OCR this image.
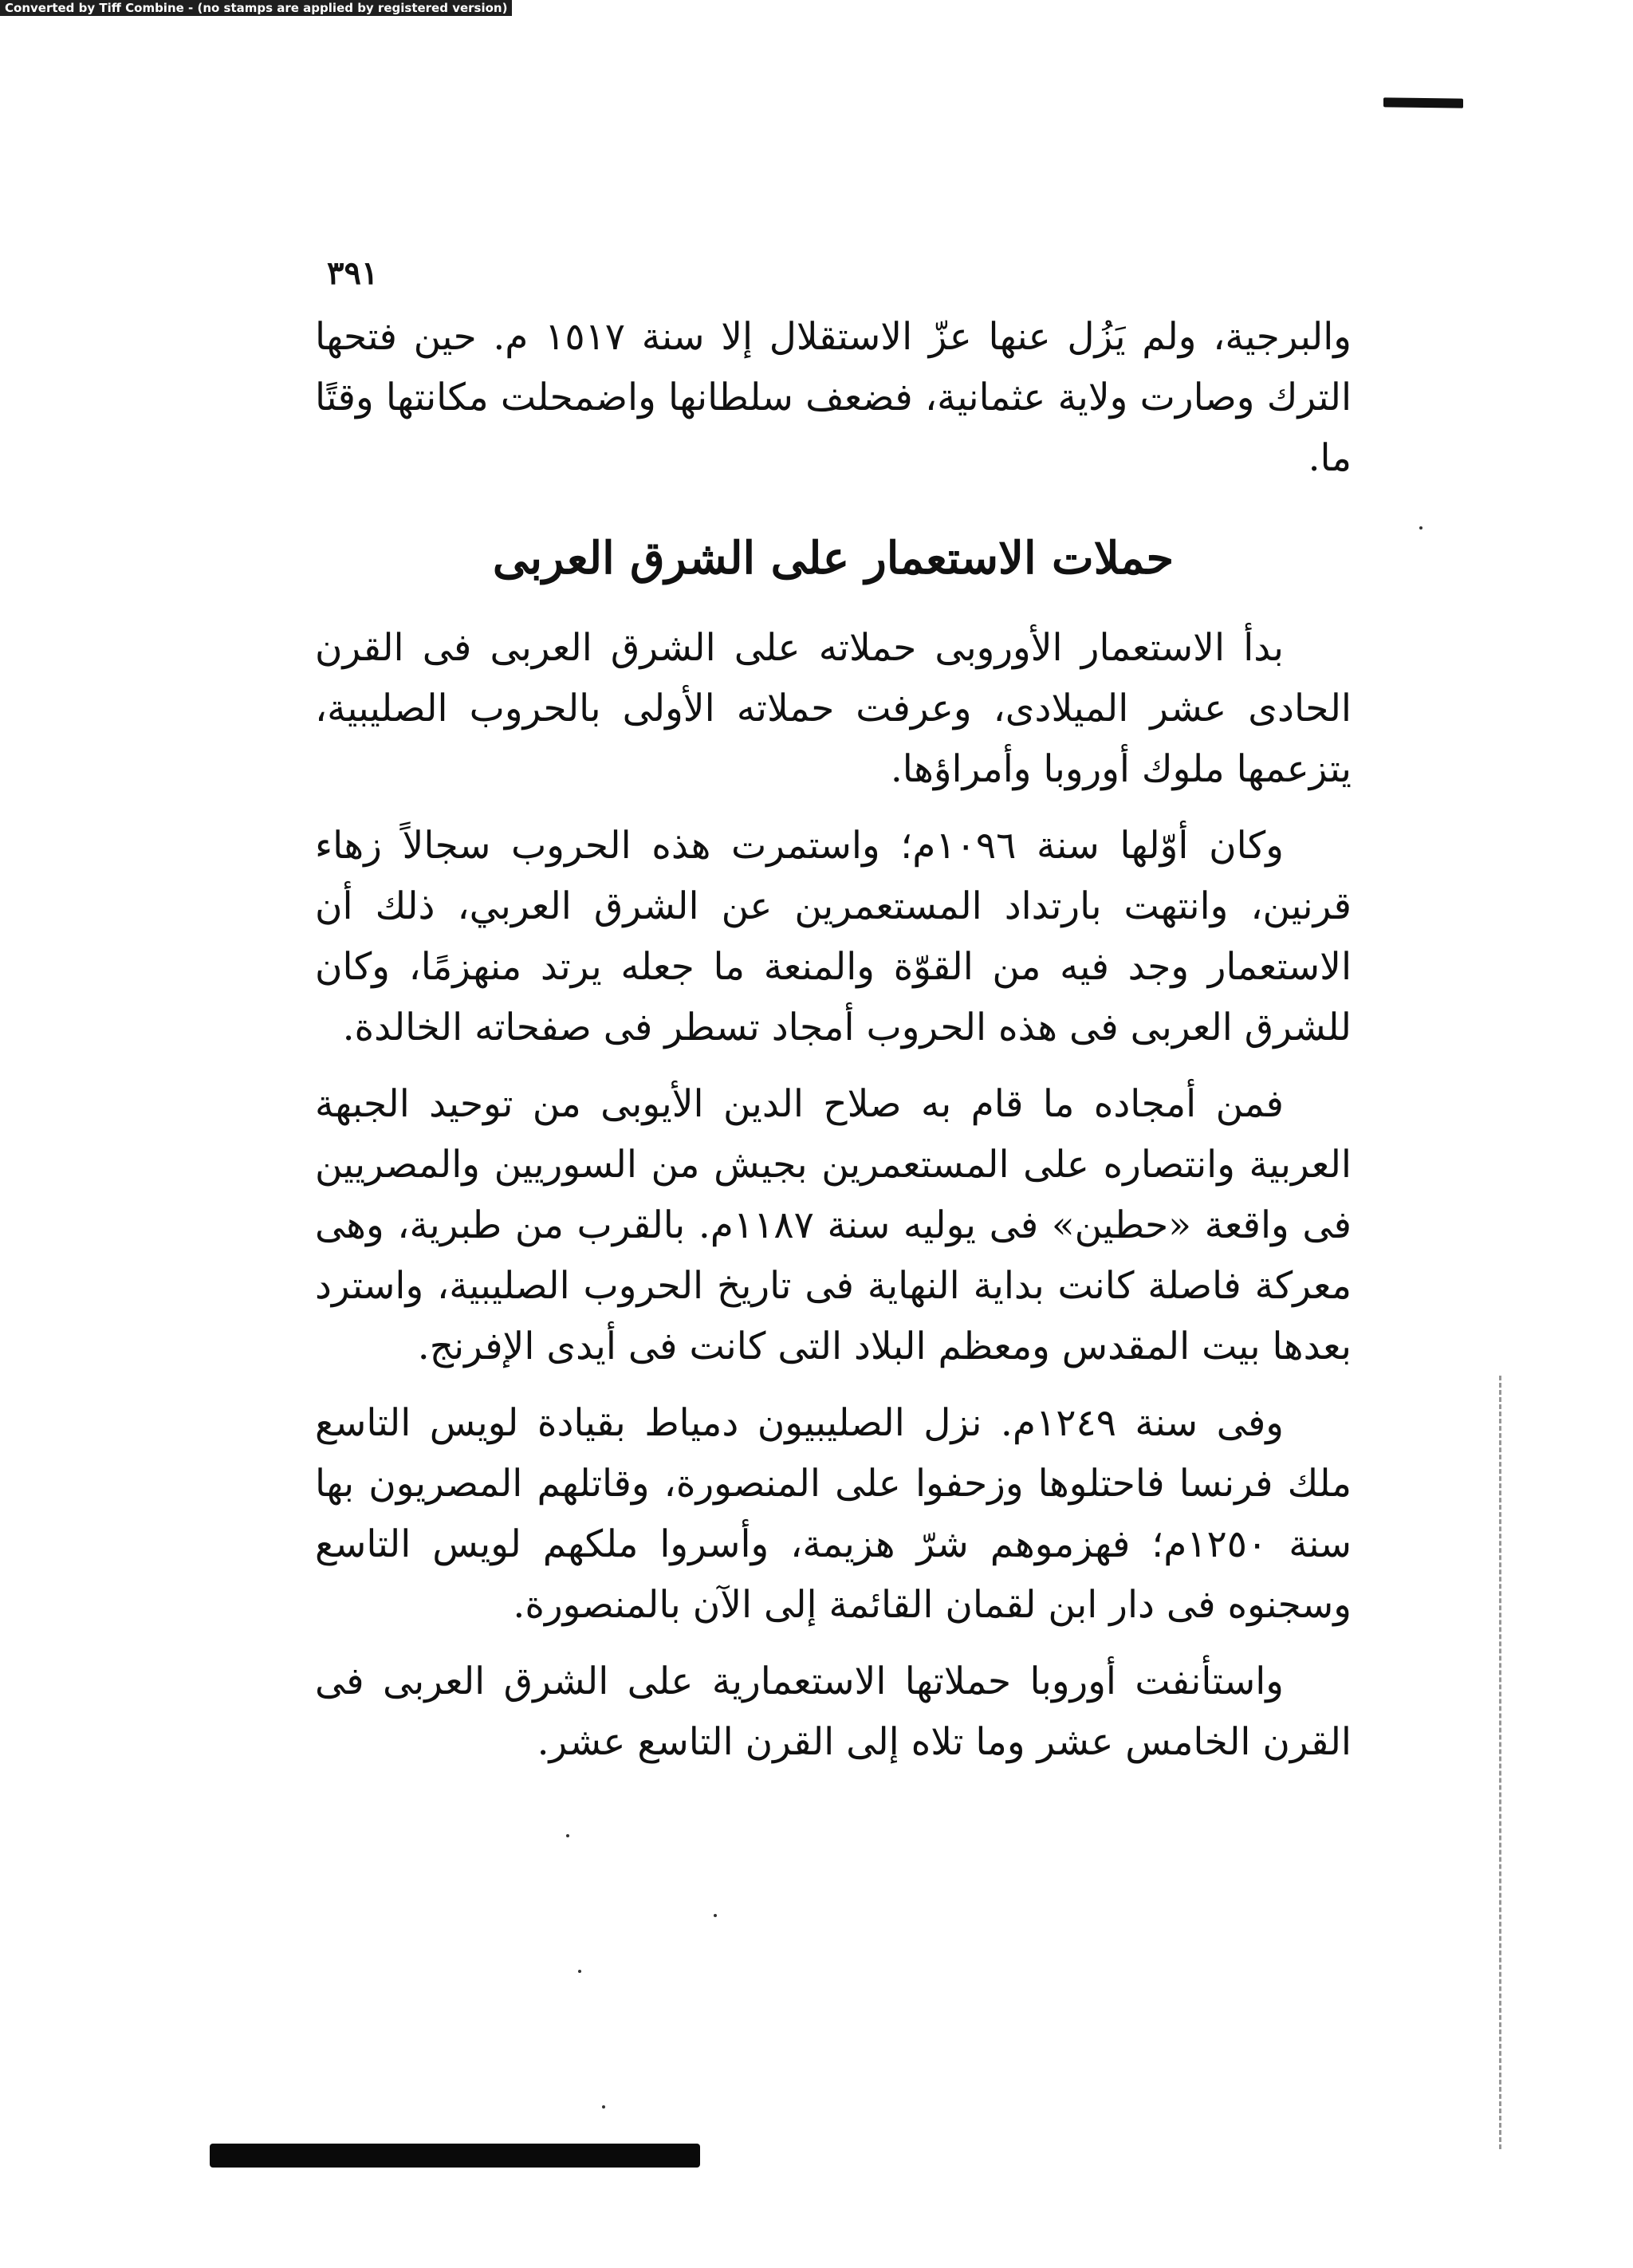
Converted by Tiff Combine - (no stamps are applied by registered version)
٣٩١

والبرجية، ولم يَزُل عنها عزّ الاستقلال إلا سنة ١٥١٧ م. حين فتحها الترك وصارت ولاية عثمانية، فضعف سلطانها واضمحلت مكانتها وقتًا ما.

حملات الاستعمار على الشرق العربى

بدأ الاستعمار الأوروبى حملاته على الشرق العربى فى القرن الحادى عشر الميلادى، وعرفت حملاته الأولى بالحروب الصليبية، يتزعمها ملوك أوروبا وأمراؤها.

وكان أوّلها سنة ١٠٩٦م؛ واستمرت هذه الحروب سجالاً زهاء قرنين، وانتهت بارتداد المستعمرين عن الشرق العربي، ذلك أن الاستعمار وجد فيه من القوّة والمنعة ما جعله يرتد منهزمًا، وكان للشرق العربى فى هذه الحروب أمجاد تسطر فى صفحاته الخالدة.

فمن أمجاده ما قام به صلاح الدين الأيوبى من توحيد الجبهة العربية وانتصاره على المستعمرين بجيش من السوريين والمصريين فى واقعة «حطين» فى يوليه سنة ١١٨٧م. بالقرب من طبرية، وهى معركة فاصلة كانت بداية النهاية فى تاريخ الحروب الصليبية، واسترد بعدها بيت المقدس ومعظم البلاد التى كانت فى أيدى الإفرنج.

وفى سنة ١٢٤٩م. نزل الصليبيون دمياط بقيادة لويس التاسع ملك فرنسا فاحتلوها وزحفوا على المنصورة، وقاتلهم المصريون بها سنة ١٢٥٠م؛ فهزموهم شرّ هزيمة، وأسروا ملكهم لويس التاسع وسجنوه فى دار ابن لقمان القائمة إلى الآن بالمنصورة.

واستأنفت أوروبا حملاتها الاستعمارية على الشرق العربى فى القرن الخامس عشر وما تلاه إلى القرن التاسع عشر.
